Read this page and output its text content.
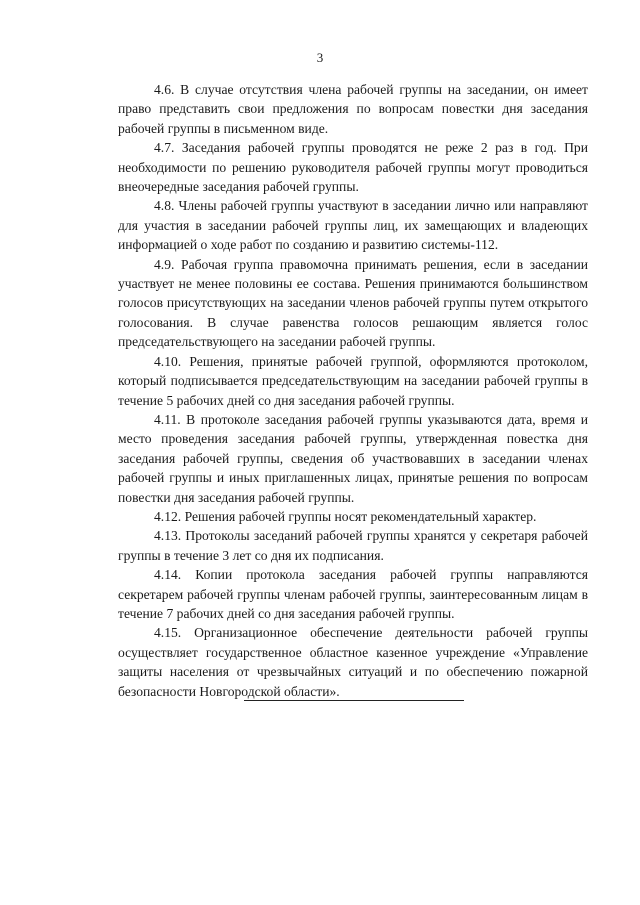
3

4.6. В случае отсутствия члена рабочей группы на заседании, он имеет право представить свои предложения по вопросам повестки дня заседания рабочей группы в письменном виде.

4.7. Заседания рабочей группы проводятся не реже 2 раз в год. При необходимости по решению руководителя рабочей группы могут проводиться внеочередные заседания рабочей группы.

4.8. Члены рабочей группы участвуют в заседании лично или направляют для участия в заседании рабочей группы лиц, их замещающих и владеющих информацией о ходе работ по созданию и развитию системы-112.

4.9. Рабочая группа правомочна принимать решения, если в заседании участвует не менее половины ее состава. Решения принимаются большинством голосов присутствующих на заседании членов рабочей группы путем открытого голосования. В случае равенства голосов решающим является голос председательствующего на заседании рабочей группы.

4.10. Решения, принятые рабочей группой, оформляются протоколом, который подписывается председательствующим на заседании рабочей группы в течение 5 рабочих дней со дня заседания рабочей группы.

4.11. В протоколе заседания рабочей группы указываются дата, время и место проведения заседания рабочей группы, утвержденная повестка дня заседания рабочей группы, сведения об участвовавших в заседании членах рабочей группы и иных приглашенных лицах, принятые решения по вопросам повестки дня заседания рабочей группы.

4.12. Решения рабочей группы носят рекомендательный характер.

4.13. Протоколы заседаний рабочей группы хранятся у секретаря рабочей группы в течение 3 лет со дня их подписания.

4.14. Копии протокола заседания рабочей группы направляются секретарем рабочей группы членам рабочей группы, заинтересованным лицам в течение 7 рабочих дней со дня заседания рабочей группы.

4.15. Организационное обеспечение деятельности рабочей группы осуществляет государственное областное казенное учреждение «Управление защиты населения от чрезвычайных ситуаций и по обеспечению пожарной безопасности Новгородской области».
